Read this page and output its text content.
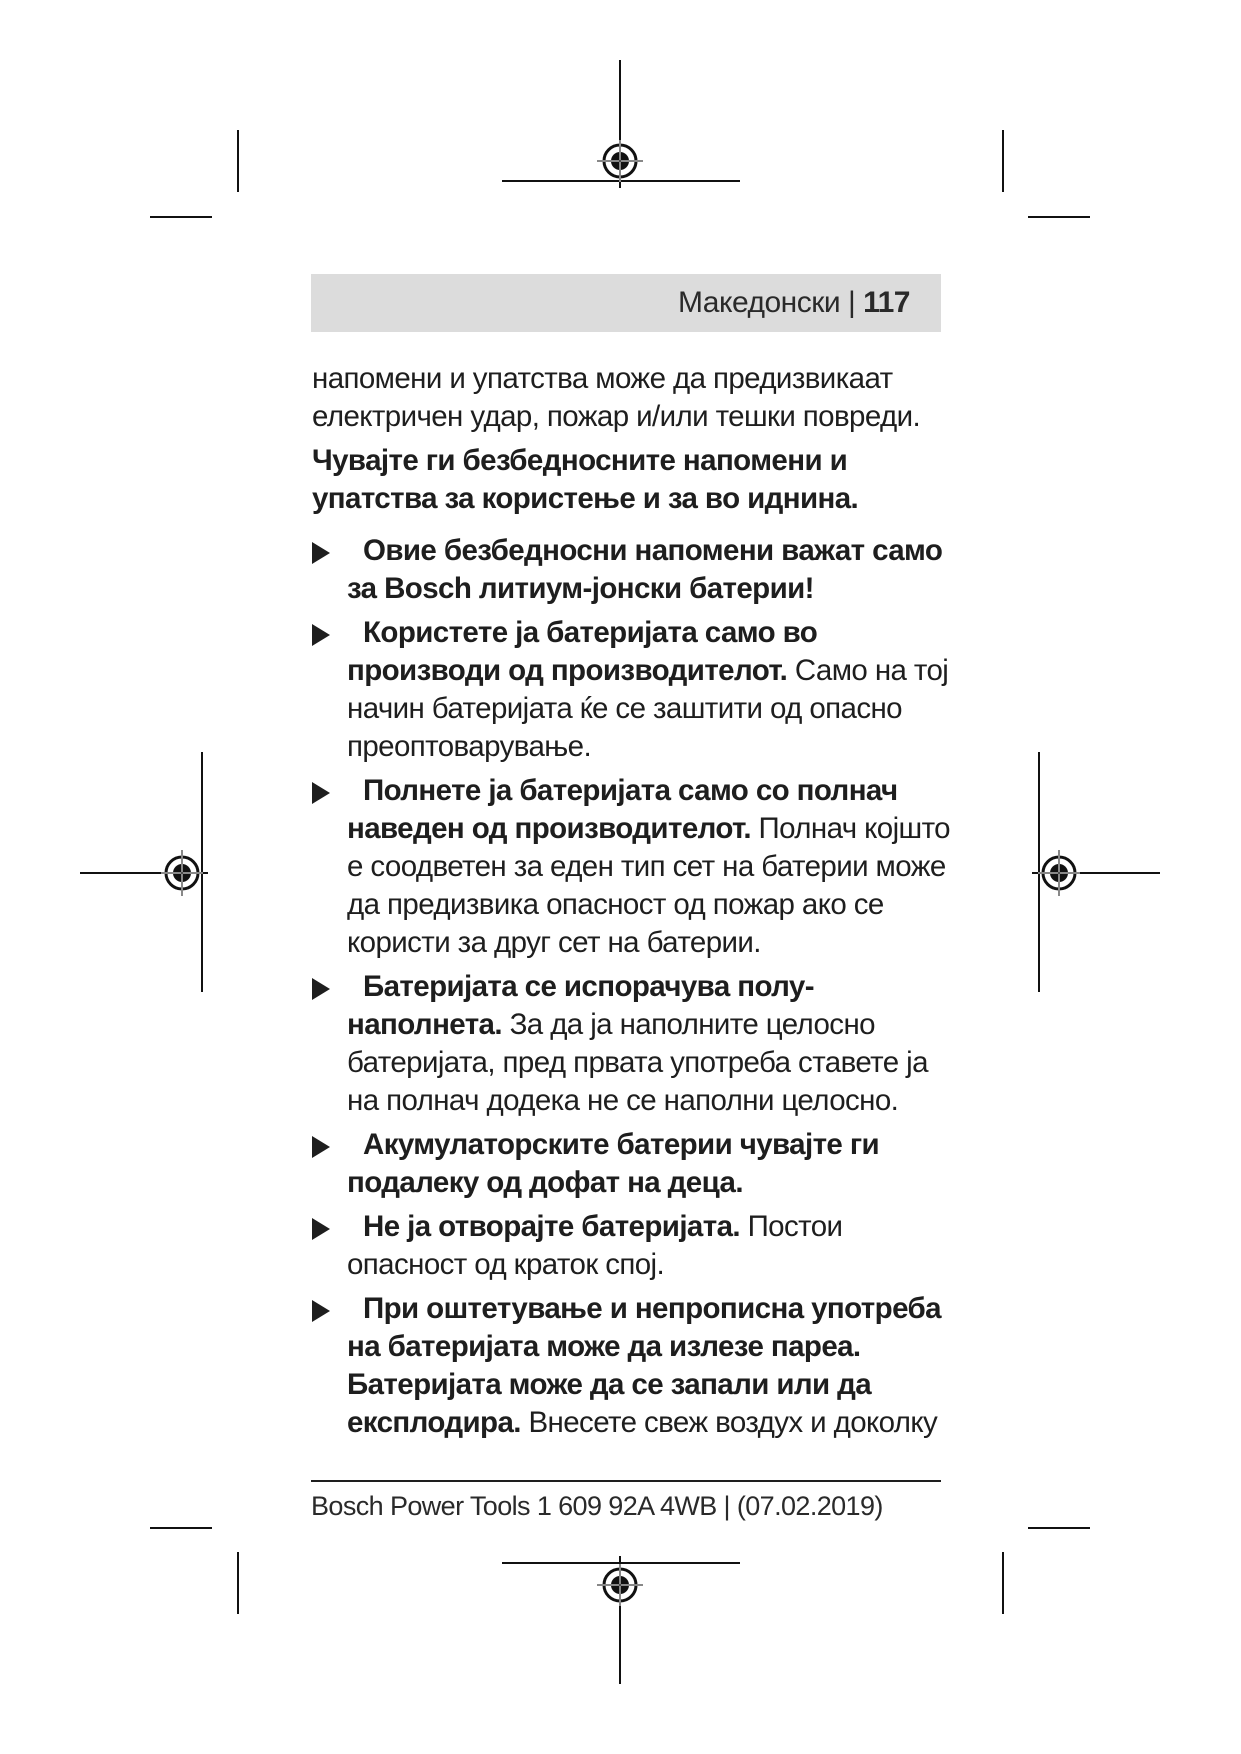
Македонски | 117

напомени и упатства може да предизвикаат електричен удар, пожар и/или тешки повреди.

Чувајте ги безбедносните напомени и упатства за користење и за во иднина.

Овие безбедносни напомени важат само за Bosch литиум-јонски батерии!
Користете ја батеријата само во производи од производителот. Само на тој начин батеријата ќе се заштити од опасно преоптоварување.
Полнете ја батеријата само со полнач наведен од производителот. Полнач којшто е соодветен за еден тип сет на батерии може да предизвика опасност од пожар ако се користи за друг сет на батерии.
Батеријата се испорачува полу-наполнета. За да ја наполните целосно батеријата, пред првата употреба ставете ја на полнач додека не се наполни целосно.
Акумулаторските батерии чувајте ги подалеку од дофат на деца.
Не ја отворајте батеријата. Постои опасност од краток спој.
При оштетување и непрописна употреба на батеријата може да излезе пареа. Батеријата може да се запали или да експлодира. Внесете свеж воздух и доколку
Bosch Power Tools 1 609 92A 4WB | (07.02.2019)
